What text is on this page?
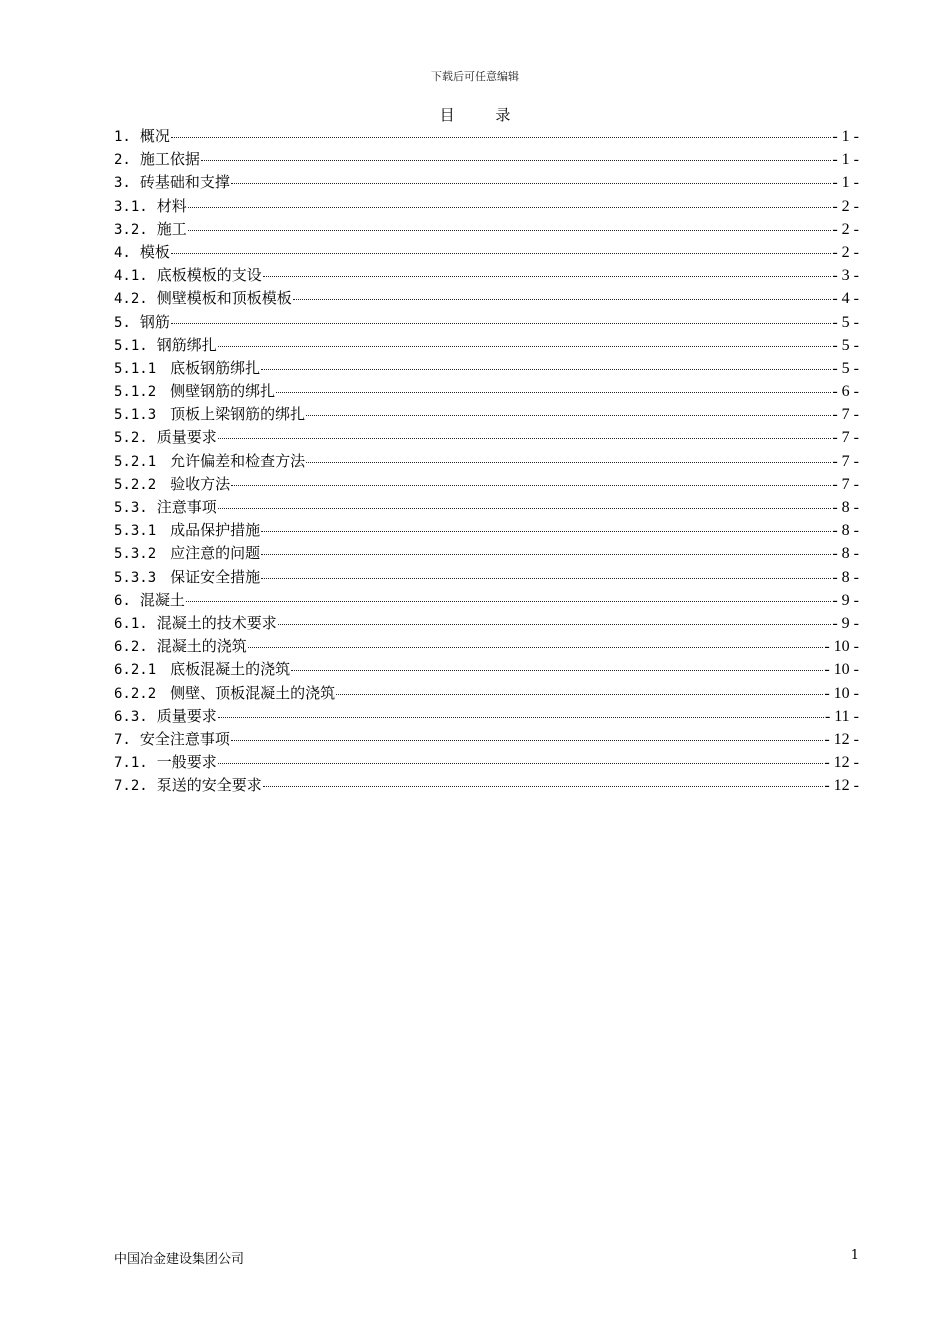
下载后可任意编辑
目 录
1. 概况	- 1 -
2. 施工依据	- 1 -
3. 砖基础和支撑	- 1 -
3.1. 材料	- 2 -
3.2. 施工	- 2 -
4. 模板	- 2 -
4.1. 底板模板的支设	- 3 -
4.2. 侧壁模板和顶板模板	- 4 -
5. 钢筋	- 5 -
5.1. 钢筋绑扎	- 5 -
5.1.1 底板钢筋绑扎	- 5 -
5.1.2 侧壁钢筋的绑扎	- 6 -
5.1.3 顶板上梁钢筋的绑扎	- 7 -
5.2. 质量要求	- 7 -
5.2.1 允许偏差和检查方法	- 7 -
5.2.2 验收方法	- 7 -
5.3. 注意事项	- 8 -
5.3.1 成品保护措施	- 8 -
5.3.2 应注意的问题	- 8 -
5.3.3 保证安全措施	- 8 -
6. 混凝土	- 9 -
6.1. 混凝土的技术要求	- 9 -
6.2. 混凝土的浇筑	- 10 -
6.2.1 底板混凝土的浇筑	- 10 -
6.2.2 侧壁、顶板混凝土的浇筑	- 10 -
6.3. 质量要求	- 11 -
7. 安全注意事项	- 12 -
7.1. 一般要求	- 12 -
7.2. 泵送的安全要求	- 12 -
中国冶金建设集团公司	1
